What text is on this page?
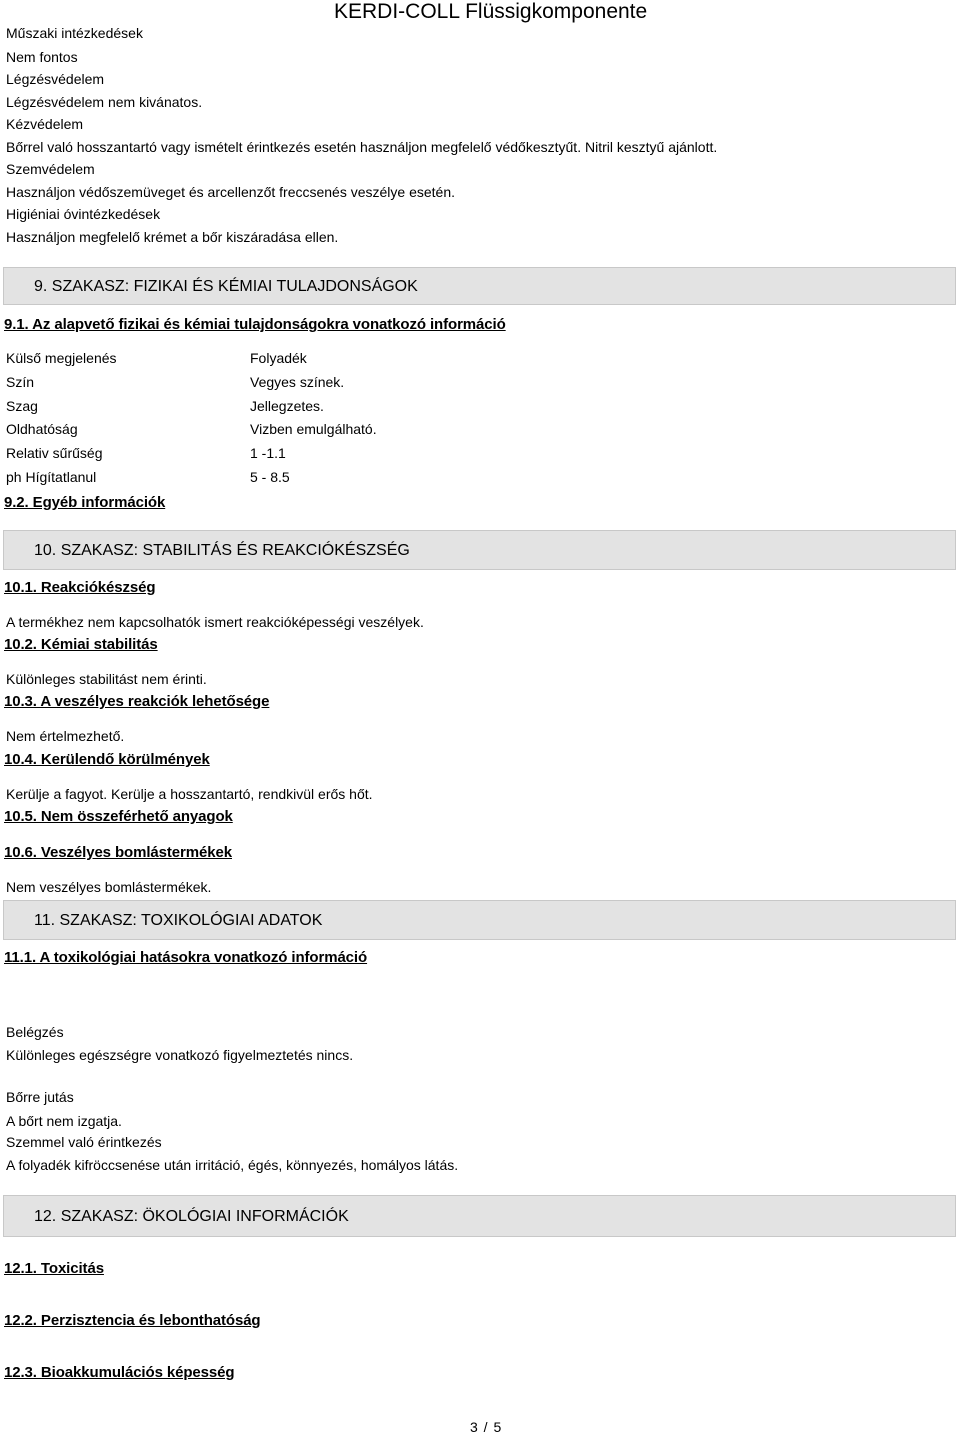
KERDI-COLL Flüssigkomponente
Műszaki intézkedések
Nem fontos
Légzésvédelem
Légzésvédelem nem kivánatos.
Kézvédelem
Bőrrel való hosszantartó vagy ismételt érintkezés esetén használjon megfelelő védőkesztyűt. Nitril kesztyű ajánlott.
Szemvédelem
Használjon védőszemüveget és arcellenzőt freccsenés veszélye esetén.
Higiéniai óvintézkedések
Használjon megfelelő krémet a bőr kiszáradása ellen.
9. SZAKASZ: FIZIKAI ÉS KÉMIAI TULAJDONSÁGOK
9.1. Az alapvető fizikai és kémiai tulajdonságokra vonatkozó információ
Külső megjelenés	Folyadék
Szín	Vegyes színek.
Szag	Jellegzetes.
Oldhatóság	Vizben emulgálható.
Relativ sűrűség	1 -1.1
ph Hígítatlanul	5 - 8.5
9.2. Egyéb információk
10. SZAKASZ: STABILITÁS ÉS REAKCIÓKÉSZSÉG
10.1. Reakciókészség
A termékhez nem kapcsolhatók ismert reakcióképességi veszélyek.
10.2. Kémiai stabilitás
Különleges stabilitást nem érinti.
10.3. A veszélyes reakciók lehetősége
Nem értelmezhető.
10.4. Kerülendő körülmények
Kerülje a fagyot. Kerülje a hosszantartó, rendkivül erős hőt.
10.5. Nem összeférhető anyagok
10.6. Veszélyes bomlástermékek
Nem veszélyes bomlástermékek.
11. SZAKASZ: TOXIKOLÓGIAI ADATOK
11.1. A toxikológiai hatásokra vonatkozó információ
Belégzés
Különleges egészségre vonatkozó figyelmeztetés nincs.
Bőrre jutás
A bőrt nem izgatja.
Szemmel való érintkezés
A folyadék kifröccsenése után irritáció, égés, könnyezés, homályos látás.
12. SZAKASZ: ÖKOLÓGIAI INFORMÁCIÓK
12.1. Toxicitás
12.2. Perzisztencia és lebonthatóság
12.3. Bioakkumulációs képesség
3 / 5
